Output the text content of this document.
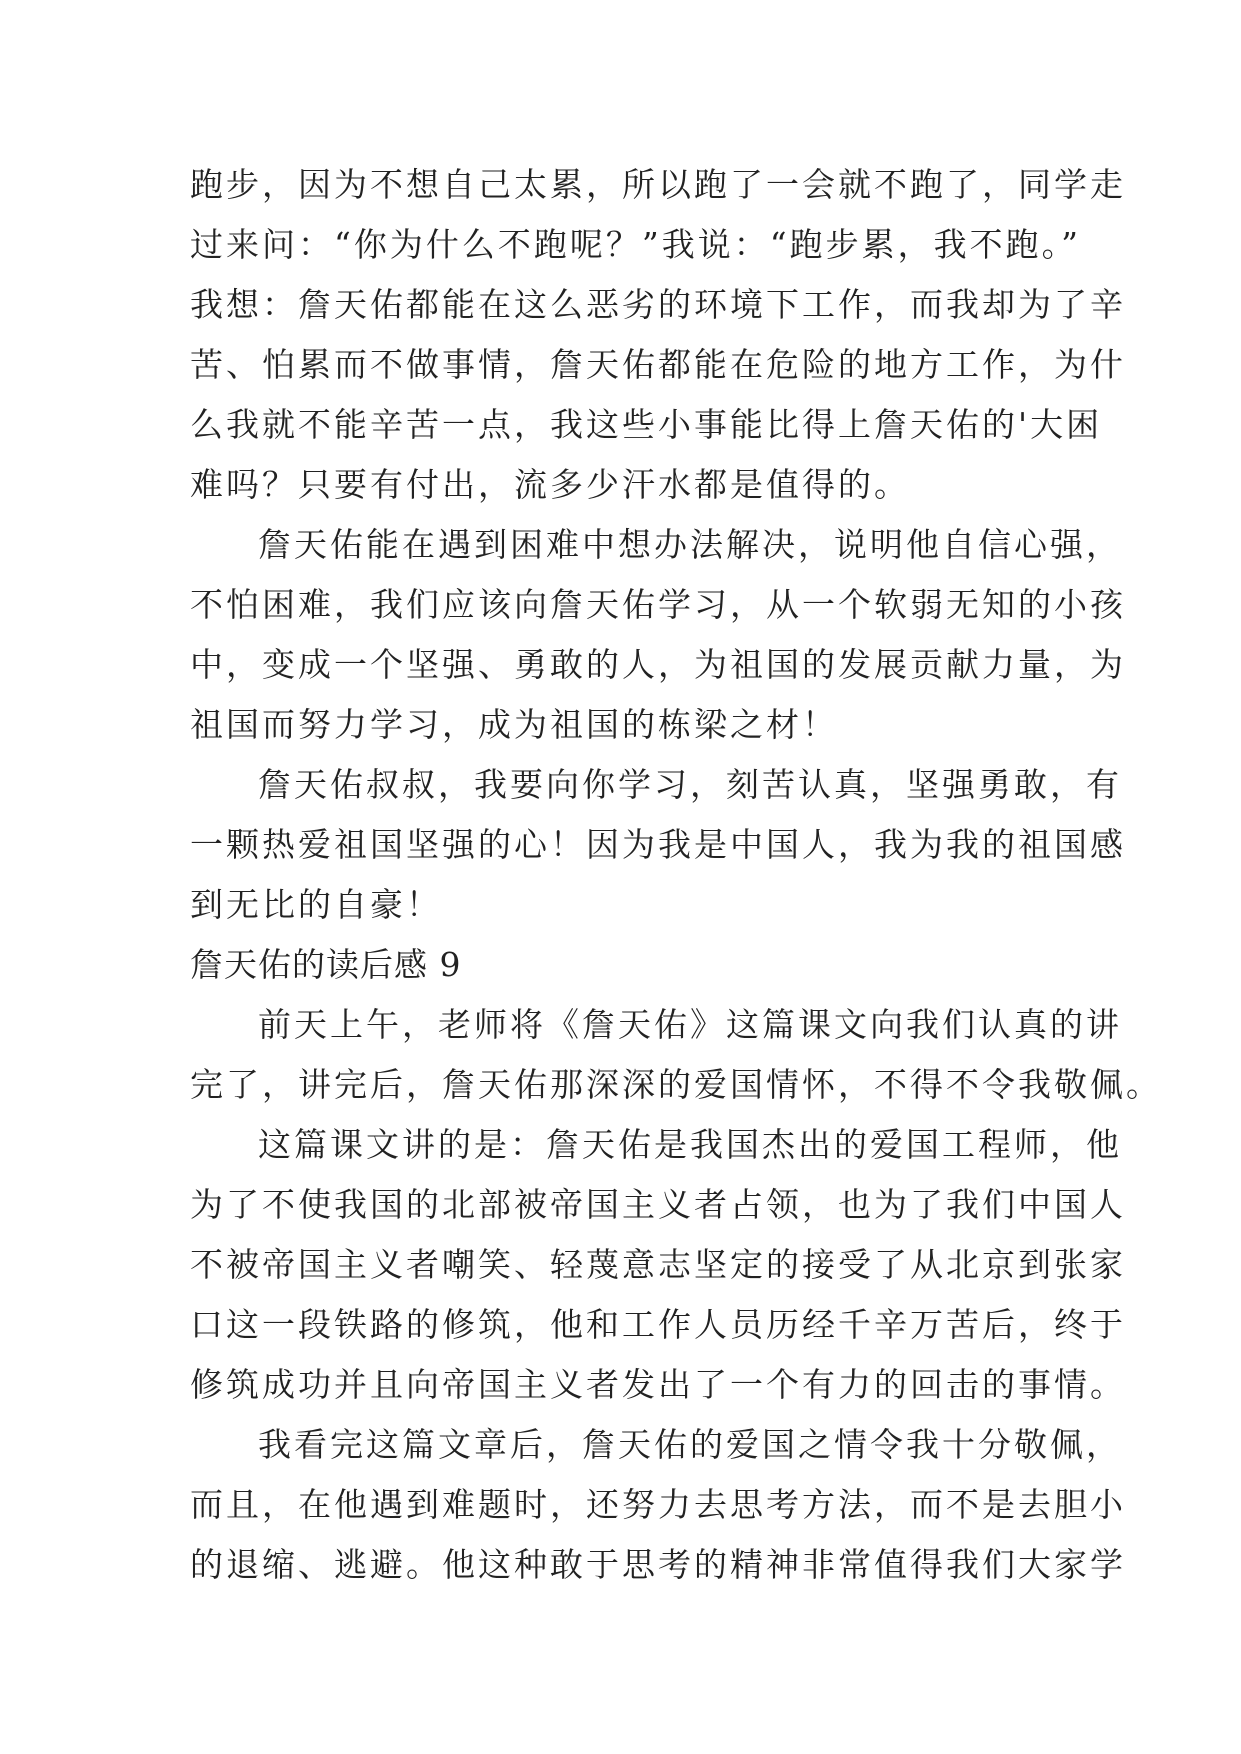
跑步，因为不想自己太累，所以跑了一会就不跑了，同学走
过来问：“你为什么不跑呢？”我说：“跑步累，我不跑。”
我想：詹天佑都能在这么恶劣的环境下工作，而我却为了辛
苦、怕累而不做事情，詹天佑都能在危险的地方工作，为什
么我就不能辛苦一点，我这些小事能比得上詹天佑的'大困
难吗？只要有付出，流多少汗水都是值得的。
詹天佑能在遇到困难中想办法解决，说明他自信心强，
不怕困难，我们应该向詹天佑学习，从一个软弱无知的小孩
中，变成一个坚强、勇敢的人，为祖国的发展贡献力量，为
祖国而努力学习，成为祖国的栋梁之材！
詹天佑叔叔，我要向你学习，刻苦认真，坚强勇敢，有
一颗热爱祖国坚强的心！因为我是中国人，我为我的祖国感
到无比的自豪！
詹天佑的读后感 9
前天上午，老师将《詹天佑》这篇课文向我们认真的讲
完了，讲完后，詹天佑那深深的爱国情怀，不得不令我敬佩。
这篇课文讲的是：詹天佑是我国杰出的爱国工程师，他
为了不使我国的北部被帝国主义者占领，也为了我们中国人
不被帝国主义者嘲笑、轻蔑意志坚定的接受了从北京到张家
口这一段铁路的修筑，他和工作人员历经千辛万苦后，终于
修筑成功并且向帝国主义者发出了一个有力的回击的事情。
我看完这篇文章后，詹天佑的爱国之情令我十分敬佩，
而且，在他遇到难题时，还努力去思考方法，而不是去胆小
的退缩、逃避。他这种敢于思考的精神非常值得我们大家学
